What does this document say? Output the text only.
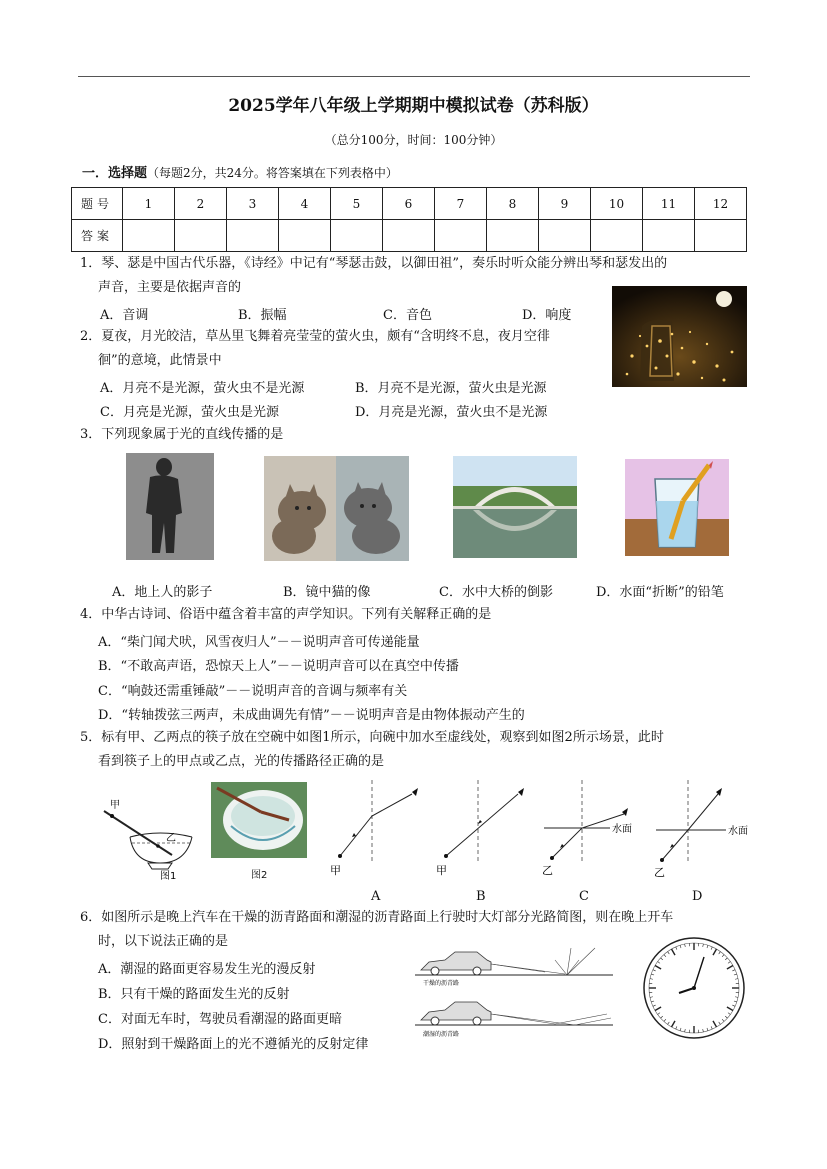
2025学年八年级上学期期中模拟试卷（苏科版）
（总分100分，时间：100分钟）
一．选择题（每题2分，共24分。将答案填在下列表格中）
题号	1	2	3	4	5	6	7	8	9	10	11	12
答案												
1．琴、瑟是中国古代乐器，《诗经》中记有“琴瑟击鼓，以御田祖”，奏乐时听众能分辨出琴和瑟发出的
声音，主要是依据声音的
A．音调	B．振幅	C．音色	D．响度
2．夏夜，月光皎洁，草丛里飞舞着亮莹莹的萤火虫，颇有“含明终不息，夜月空徘
徊”的意境，此情景中
A．月亮不是光源，萤火虫不是光源	B．月亮不是光源，萤火虫是光源
C．月亮是光源，萤火虫是光源	D．月亮是光源，萤火虫不是光源
3．下列现象属于光的直线传播的是
A．地上人的影子	B．镜中猫的像	C．水中大桥的倒影	D．水面“折断”的铅笔
4．中华古诗词、俗语中蕴含着丰富的声学知识。下列有关解释正确的是
A．“柴门闻犬吠，风雪夜归人”－－说明声音可传递能量
B．“不敢高声语，恐惊天上人”－－说明声音可以在真空中传播
C．“响鼓还需重锤敲”－－说明声音的音调与频率有关
D．“转轴拨弦三两声，未成曲调先有情”－－说明声音是由物体振动产生的
5．标有甲、乙两点的筷子放在空碗中如图1所示，向碗中加水至虚线处，观察到如图2所示场景，此时
看到筷子上的甲点或乙点，光的传播路径正确的是
甲
乙
图1	图2	甲
A
甲
B
水面
乙
C
水面
乙
D
6．如图所示是晚上汽车在干燥的沥青路面和潮湿的沥青路面上行驶时大灯部分光路简图，则在晚上开车
时，以下说法正确的是
A．潮湿的路面更容易发生光的漫反射
B．只有干燥的路面发生光的反射
C．对面无车时，驾驶员看潮湿的路面更暗
D．照射到干燥路面上的光不遵循光的反射定律
干燥的沥青路
潮湿的沥青路
